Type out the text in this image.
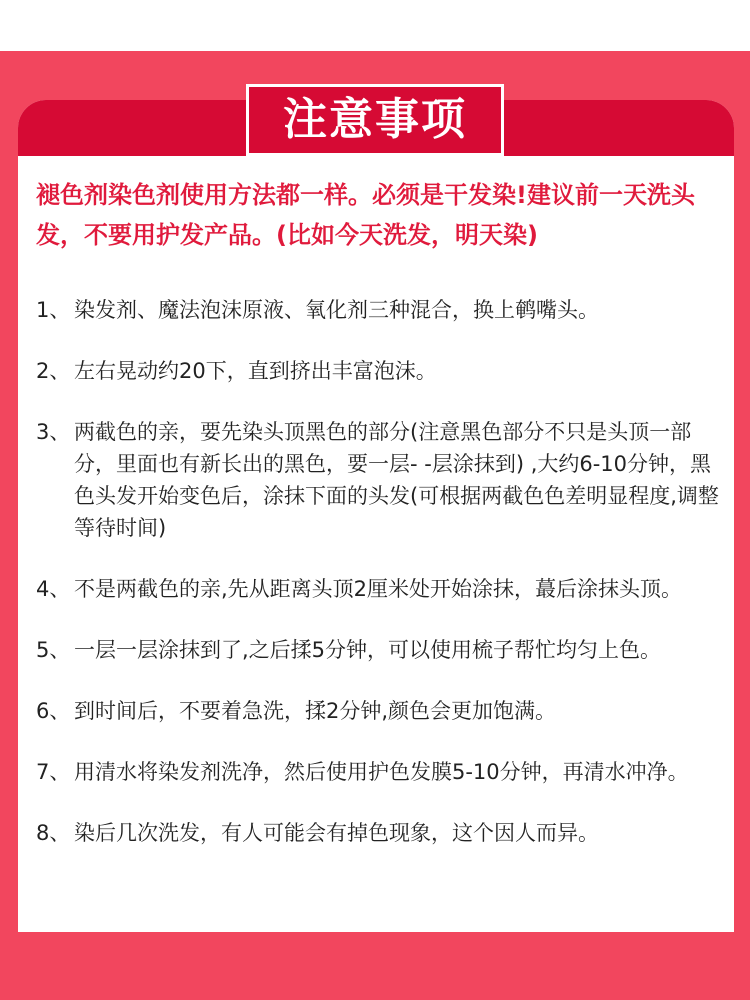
注意事项

褪色剂染色剂使用方法都一样。必须是干发染!建议前一天洗头发，不要用护发产品。(比如今天洗发，明天染)

1、 染发剂、魔法泡沫原液、氧化剂三种混合，换上鹌嘴头。
2、 左右晃动约20下，直到挤出丰富泡沫。
3、 两截色的亲，要先染头顶黑色的部分(注意黑色部分不只是头顶一部分，里面也有新长出的黑色，要一层- -层涂抹到) ,大约6-10分钟，黑色头发开始变色后，涂抹下面的头发(可根据两截色色差明显程度,调整等待时间)
4、 不是两截色的亲,先从距离头顶2厘米处开始涂抹，蕞后涂抹头顶。
5、 一层一层涂抹到了,之后揉5分钟，可以使用梳子帮忙均匀上色。
6、 到时间后，不要着急洗，揉2分钟,颜色会更加饱满。
7、 用清水将染发剂洗净，然后使用护色发膜5-10分钟，再清水冲净。
8、 染后几次洗发，有人可能会有掉色现象，这个因人而异。
